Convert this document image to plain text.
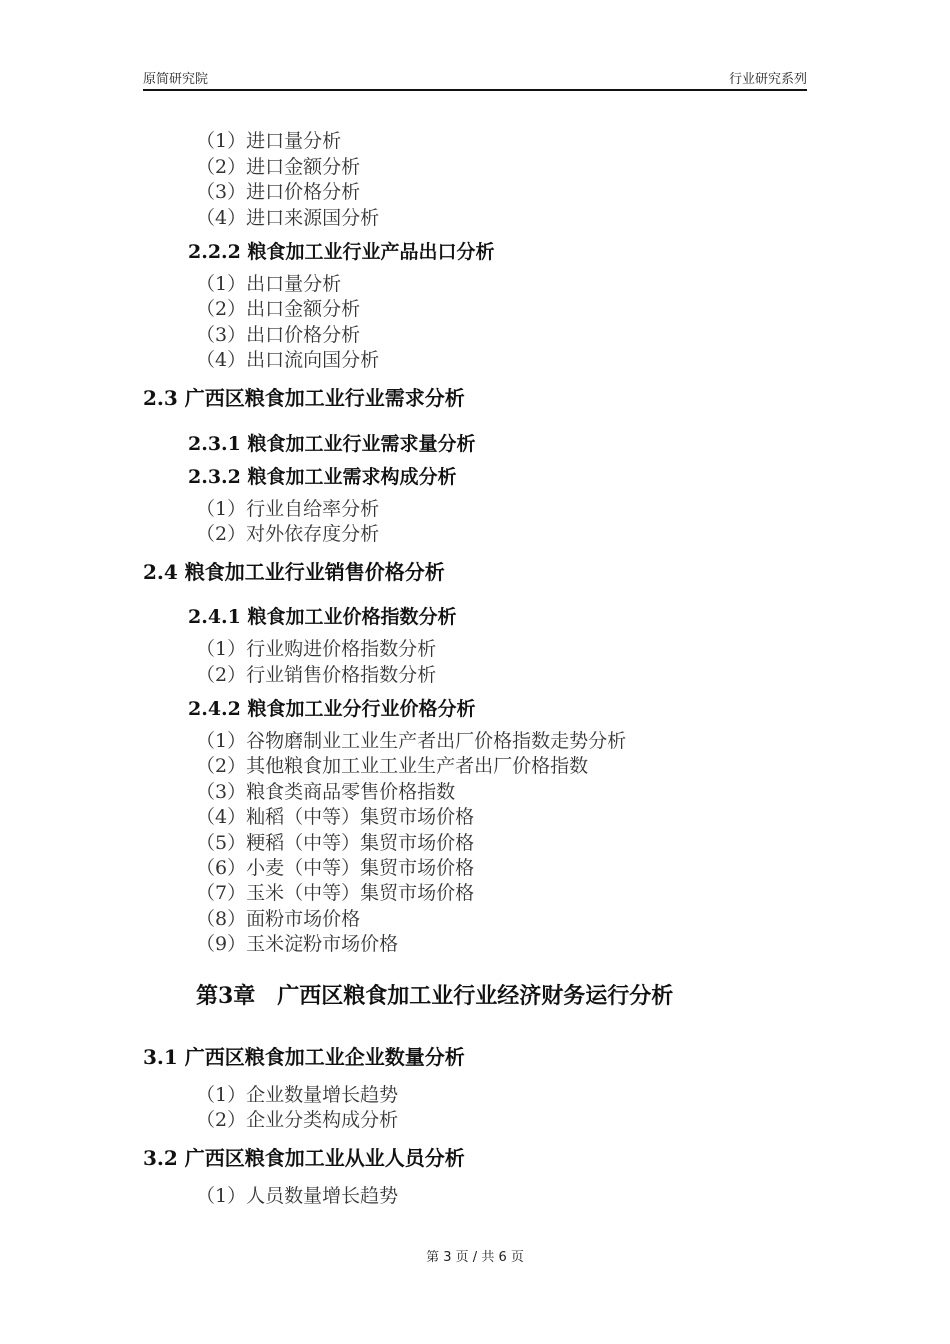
原简研究院	行业研究系列
（1）进口量分析
（2）进口金额分析
（3）进口价格分析
（4）进口来源国分析
2.2.2 粮食加工业行业产品出口分析
（1）出口量分析
（2）出口金额分析
（3）出口价格分析
（4）出口流向国分析
2.3 广西区粮食加工业行业需求分析
2.3.1 粮食加工业行业需求量分析
2.3.2 粮食加工业需求构成分析
（1）行业自给率分析
（2）对外依存度分析
2.4 粮食加工业行业销售价格分析
2.4.1 粮食加工业价格指数分析
（1）行业购进价格指数分析
（2）行业销售价格指数分析
2.4.2 粮食加工业分行业价格分析
（1）谷物磨制业工业生产者出厂价格指数走势分析
（2）其他粮食加工业工业生产者出厂价格指数
（3）粮食类商品零售价格指数
（4）籼稻（中等）集贸市场价格
（5）粳稻（中等）集贸市场价格
（6）小麦（中等）集贸市场价格
（7）玉米（中等）集贸市场价格
（8）面粉市场价格
（9）玉米淀粉市场价格
第3章　广西区粮食加工业行业经济财务运行分析
3.1 广西区粮食加工业企业数量分析
（1）企业数量增长趋势
（2）企业分类构成分析
3.2 广西区粮食加工业从业人员分析
（1）人员数量增长趋势
第 3 页 / 共 6 页
